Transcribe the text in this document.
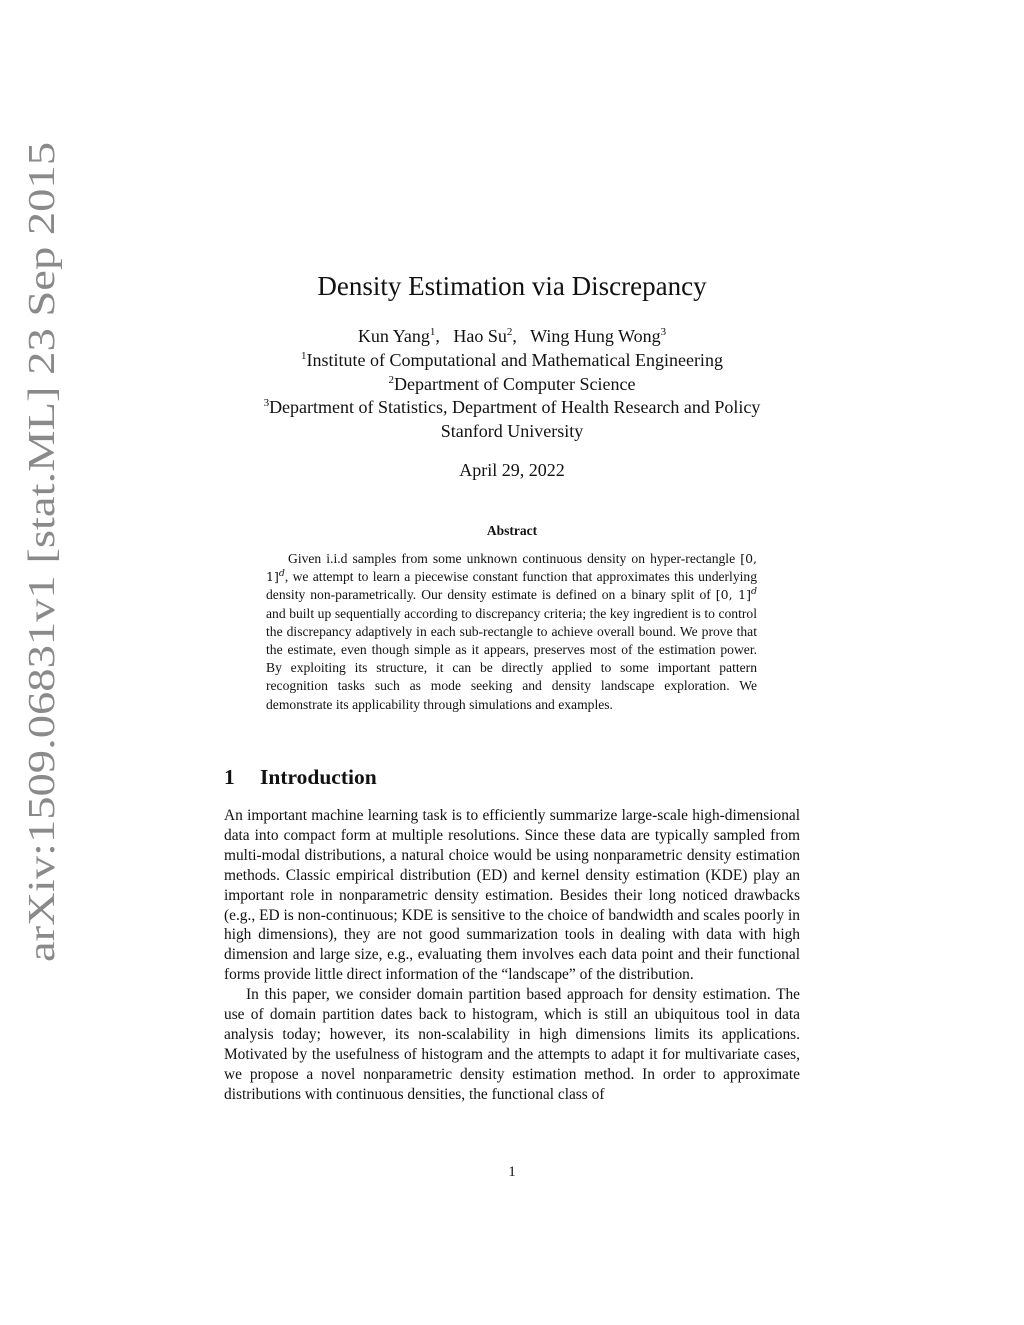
arXiv:1509.06831v1 [stat.ML] 23 Sep 2015
Density Estimation via Discrepancy
Kun Yang$^1$,   Hao Su$^2$,   Wing Hung Wong$^3$
$^1$Institute of Computational and Mathematical Engineering
$^2$Department of Computer Science
$^3$Department of Statistics, Department of Health Research and Policy
Stanford University
April 29, 2022
Abstract
Given i.i.d samples from some unknown continuous density on hyper-rectangle [0, 1]$^d$, we attempt to learn a piecewise constant function that approximates this underlying density non-parametrically. Our density estimate is defined on a binary split of [0, 1]$^d$ and built up sequentially according to discrepancy criteria; the key ingredient is to control the discrepancy adaptively in each sub-rectangle to achieve overall bound. We prove that the estimate, even though simple as it appears, preserves most of the estimation power. By exploiting its structure, it can be directly applied to some important pattern recognition tasks such as mode seeking and density landscape exploration. We demonstrate its applicability through simulations and examples.
1 Introduction

An important machine learning task is to efficiently summarize large-scale high-dimensional data into compact form at multiple resolutions. Since these data are typically sampled from multi-modal distributions, a natural choice would be using nonparametric density estimation methods. Classic empirical distribution (ED) and kernel density estimation (KDE) play an important role in nonparametric density estimation. Besides their long noticed drawbacks (e.g., ED is non-continuous; KDE is sensitive to the choice of bandwidth and scales poorly in high dimensions), they are not good summarization tools in dealing with data with high dimension and large size, e.g., evaluating them involves each data point and their functional forms provide little direct information of the “landscape” of the distribution.

In this paper, we consider domain partition based approach for density estimation. The use of domain partition dates back to histogram, which is still an ubiquitous tool in data analysis today; however, its non-scalability in high dimensions limits its applications. Motivated by the usefulness of histogram and the attempts to adapt it for multivariate cases, we propose a novel nonparametric density estimation method. In order to approximate distributions with continuous densities, the functional class of

1
